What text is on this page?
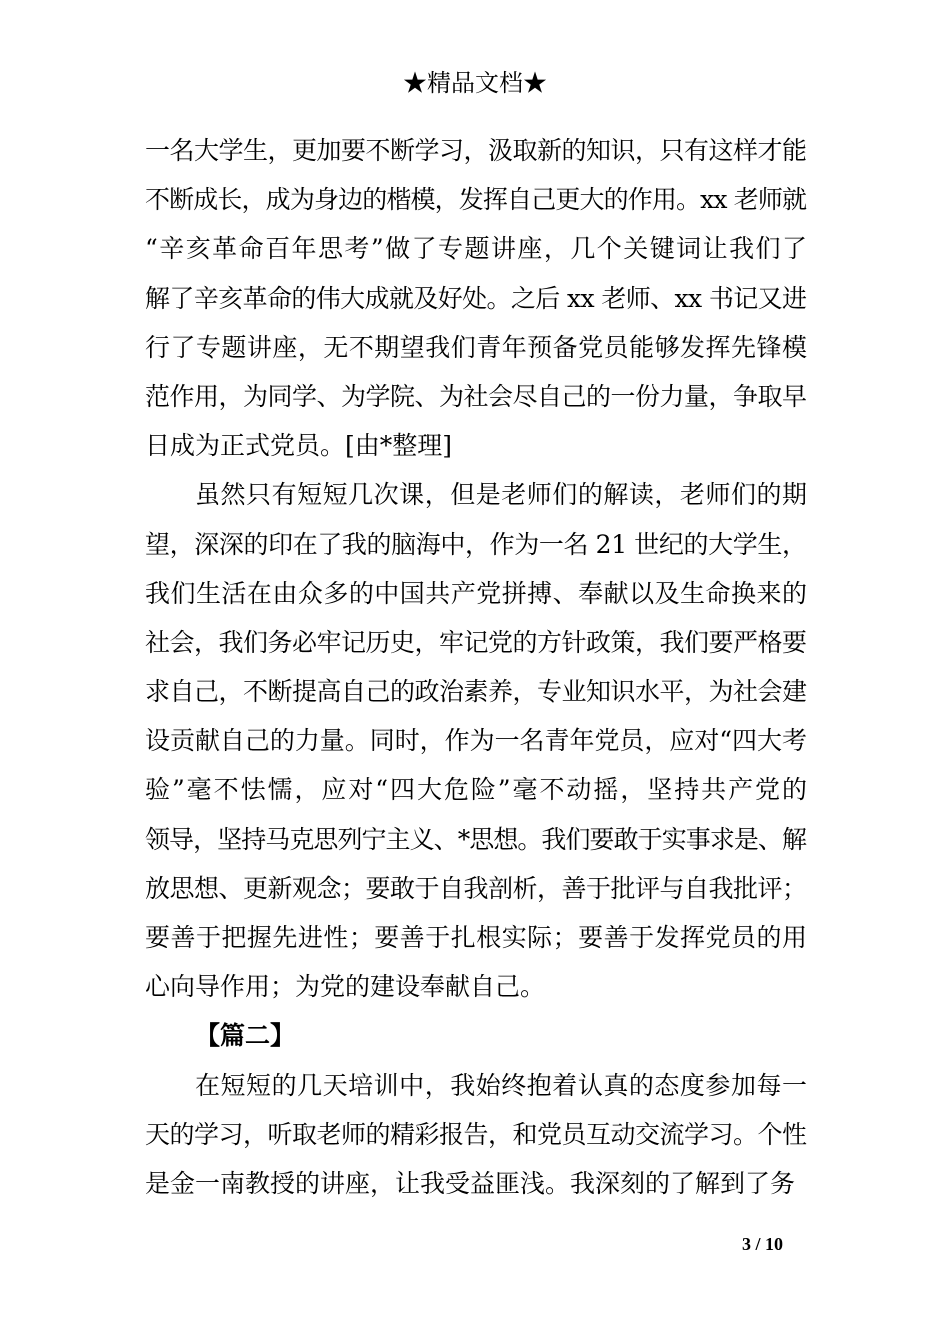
★精品文档★
一名大学生，更加要不断学习，汲取新的知识，只有这样才能
不断成长，成为身边的楷模，发挥自己更大的作用。xx 老师就
“辛亥革命百年思考”做了专题讲座，几个关键词让我们了
解了辛亥革命的伟大成就及好处。之后 xx 老师、xx 书记又进
行了专题讲座，无不期望我们青年预备党员能够发挥先锋模
范作用，为同学、为学院、为社会尽自己的一份力量，争取早
日成为正式党员。[由*整理]
虽然只有短短几次课，但是老师们的解读，老师们的期
望，深深的印在了我的脑海中，作为一名 21 世纪的大学生，
我们生活在由众多的中国共产党拼搏、奉献以及生命换来的
社会，我们务必牢记历史，牢记党的方针政策，我们要严格要
求自己，不断提高自己的政治素养，专业知识水平，为社会建
设贡献自己的力量。同时，作为一名青年党员，应对“四大考
验”毫不怯懦，应对“四大危险”毫不动摇，坚持共产党的
领导，坚持马克思列宁主义、*思想。我们要敢于实事求是、解
放思想、更新观念；要敢于自我剖析，善于批评与自我批评；
要善于把握先进性；要善于扎根实际；要善于发挥党员的用
心向导作用；为党的建设奉献自己。
【篇二】
在短短的几天培训中，我始终抱着认真的态度参加每一
天的学习，听取老师的精彩报告，和党员互动交流学习。个性
是金一南教授的讲座，让我受益匪浅。我深刻的了解到了务
3 / 10
